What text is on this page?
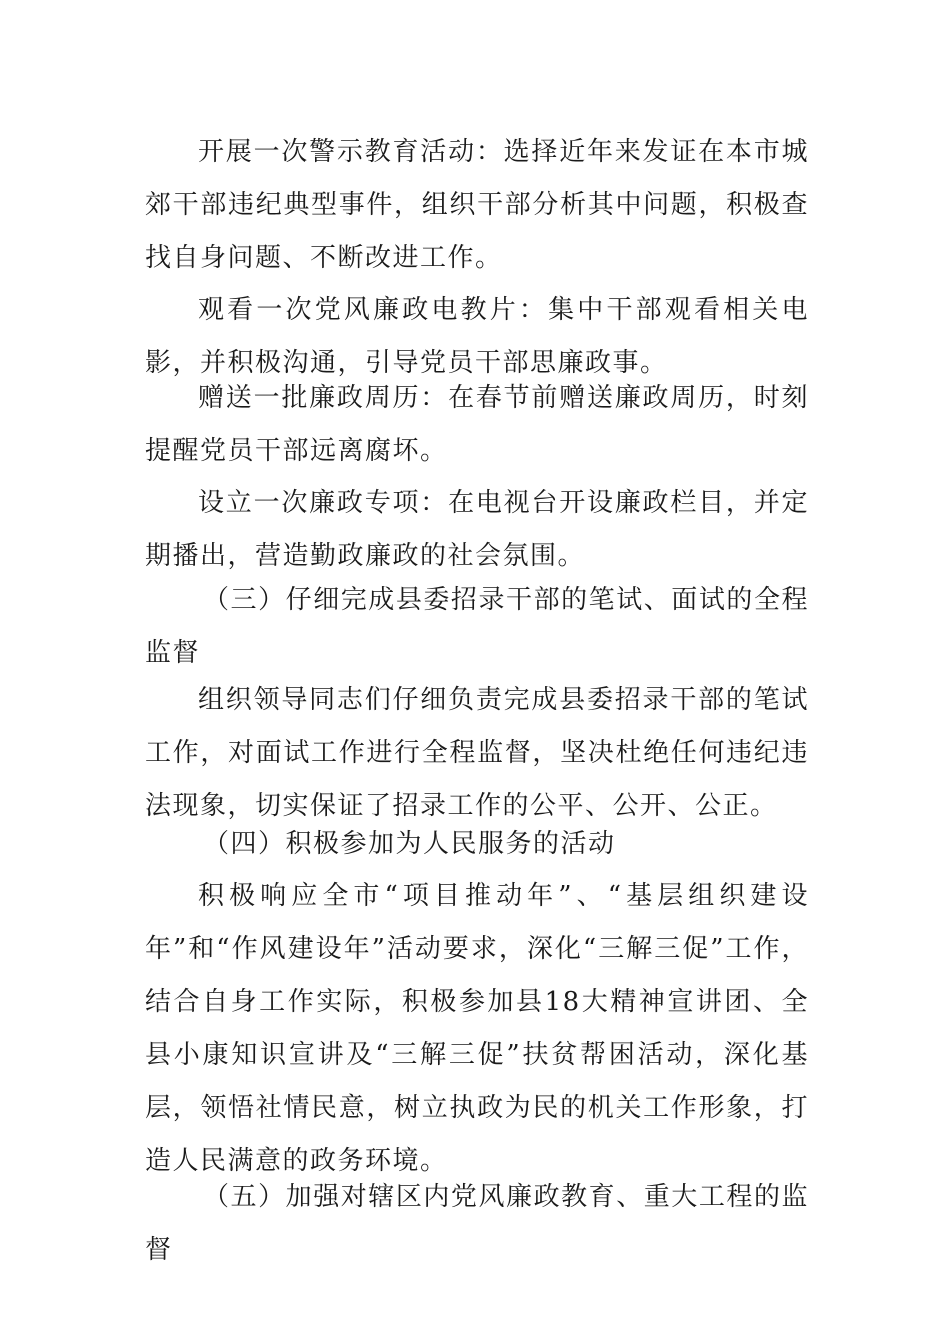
开展一次警示教育活动：选择近年来发证在本市城郊干部违纪典型事件，组织干部分析其中问题，积极查找自身问题、不断改进工作。

观看一次党风廉政电教片：集中干部观看相关电影，并积极沟通，引导党员干部思廉政事。

赠送一批廉政周历：在春节前赠送廉政周历，时刻提醒党员干部远离腐坏。

设立一次廉政专项：在电视台开设廉政栏目，并定期播出，营造勤政廉政的社会氛围。

（三）仔细完成县委招录干部的笔试、面试的全程监督

组织领导同志们仔细负责完成县委招录干部的笔试工作，对面试工作进行全程监督，坚决杜绝任何违纪违法现象，切实保证了招录工作的公平、公开、公正。

（四）积极参加为人民服务的活动

积极响应全市“项目推动年”、“基层组织建设年”和“作风建设年”活动要求，深化“三解三促”工作，结合自身工作实际，积极参加县18大精神宣讲团、全县小康知识宣讲及“三解三促”扶贫帮困活动，深化基层，领悟社情民意，树立执政为民的机关工作形象，打造人民满意的政务环境。

（五）加强对辖区内党风廉政教育、重大工程的监督
